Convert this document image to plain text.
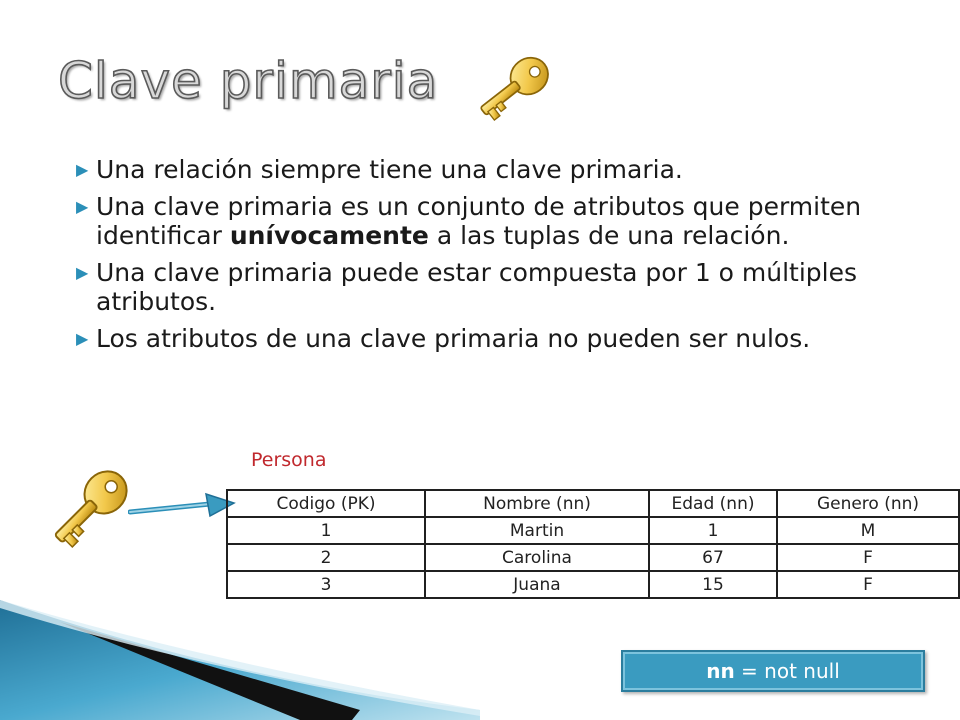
Clave primaria
▶ Una relación siempre tiene una clave primaria.
▶ Una clave primaria es un conjunto de atributos que permiten identificar unívocamente a las tuplas de una relación.
▶ Una clave primaria puede estar compuesta por 1 o múltiples atributos.
▶ Los atributos de una clave primaria no pueden ser nulos.
Persona
Codigo (PK)	Nombre (nn)	Edad (nn)	Genero (nn)
1	Martin	1	M
2	Carolina	67	F
3	Juana	15	F
nn = not null
